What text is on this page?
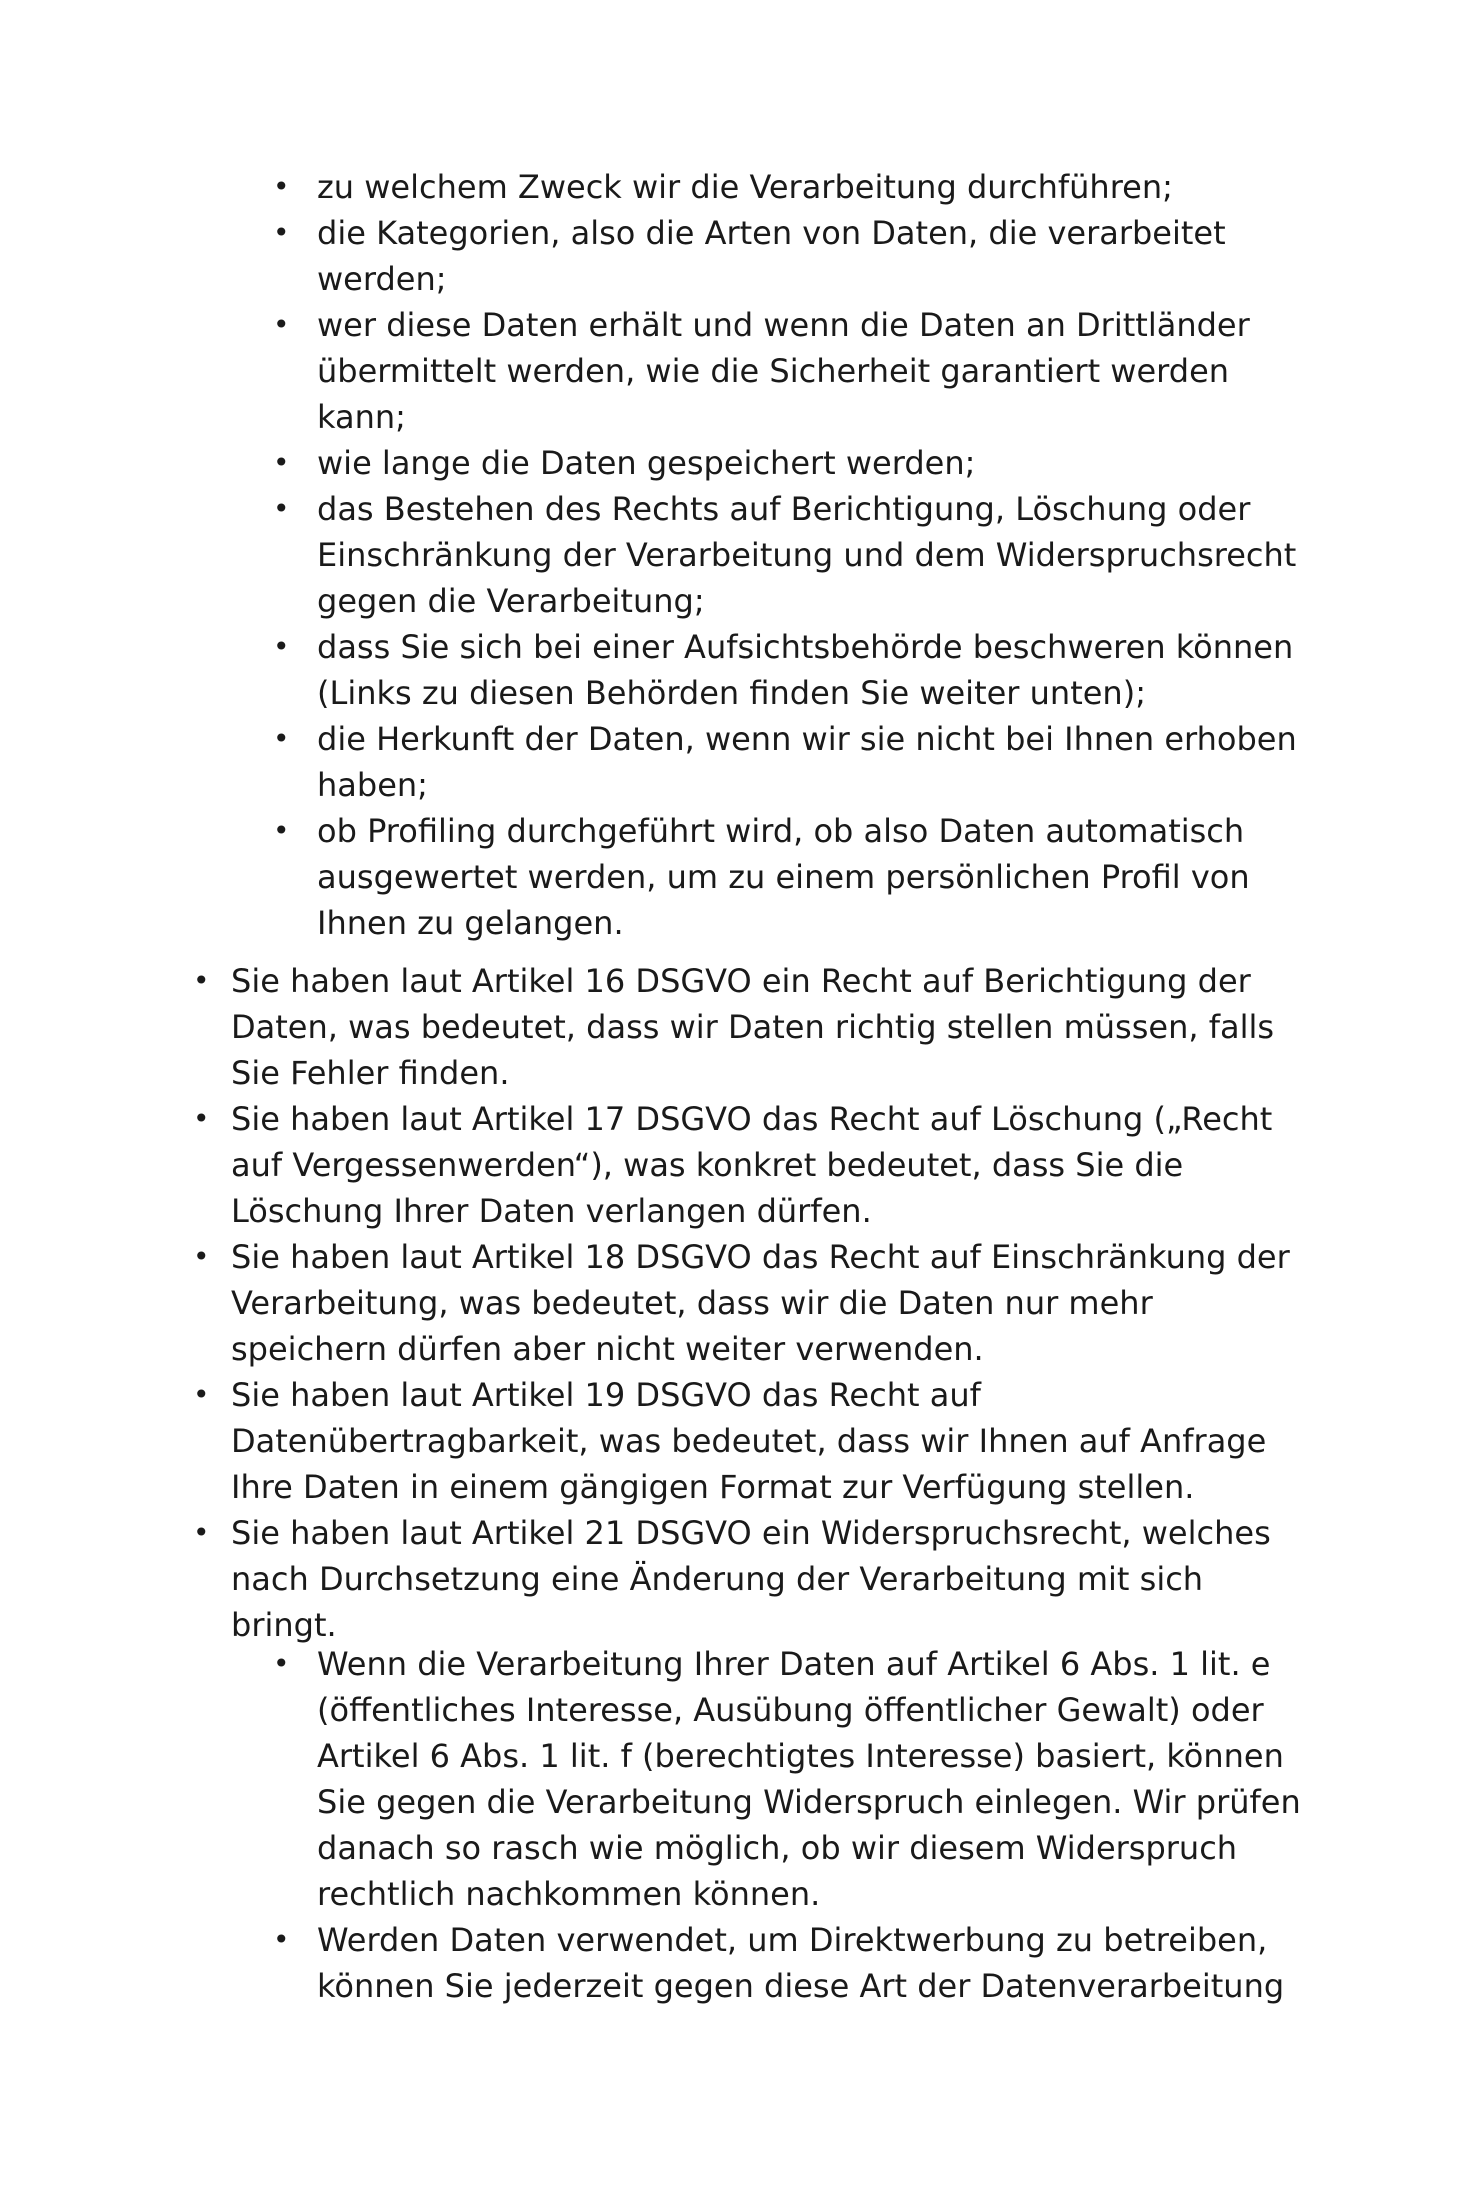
• zu welchem Zweck wir die Verarbeitung durchführen;
• die Kategorien, also die Arten von Daten, die verarbeitet werden;
• wer diese Daten erhält und wenn die Daten an Drittländer übermittelt werden, wie die Sicherheit garantiert werden kann;
• wie lange die Daten gespeichert werden;
• das Bestehen des Rechts auf Berichtigung, Löschung oder Einschränkung der Verarbeitung und dem Widerspruchsrecht gegen die Verarbeitung;
• dass Sie sich bei einer Aufsichtsbehörde beschweren können (Links zu diesen Behörden finden Sie weiter unten);
• die Herkunft der Daten, wenn wir sie nicht bei Ihnen erhoben haben;
• ob Profiling durchgeführt wird, ob also Daten automatisch ausgewertet werden, um zu einem persönlichen Profil von Ihnen zu gelangen.
• Sie haben laut Artikel 16 DSGVO ein Recht auf Berichtigung der Daten, was bedeutet, dass wir Daten richtig stellen müssen, falls Sie Fehler finden.
• Sie haben laut Artikel 17 DSGVO das Recht auf Löschung („Recht auf Vergessenwerden“), was konkret bedeutet, dass Sie die Löschung Ihrer Daten verlangen dürfen.
• Sie haben laut Artikel 18 DSGVO das Recht auf Einschränkung der Verarbeitung, was bedeutet, dass wir die Daten nur mehr speichern dürfen aber nicht weiter verwenden.
• Sie haben laut Artikel 19 DSGVO das Recht auf Datenübertragbarkeit, was bedeutet, dass wir Ihnen auf Anfrage Ihre Daten in einem gängigen Format zur Verfügung stellen.
• Sie haben laut Artikel 21 DSGVO ein Widerspruchsrecht, welches nach Durchsetzung eine Änderung der Verarbeitung mit sich bringt.
• Wenn die Verarbeitung Ihrer Daten auf Artikel 6 Abs. 1 lit. e (öffentliches Interesse, Ausübung öffentlicher Gewalt) oder Artikel 6 Abs. 1 lit. f (berechtigtes Interesse) basiert, können Sie gegen die Verarbeitung Widerspruch einlegen. Wir prüfen danach so rasch wie möglich, ob wir diesem Widerspruch rechtlich nachkommen können.
• Werden Daten verwendet, um Direktwerbung zu betreiben, können Sie jederzeit gegen diese Art der Datenverarbeitung
